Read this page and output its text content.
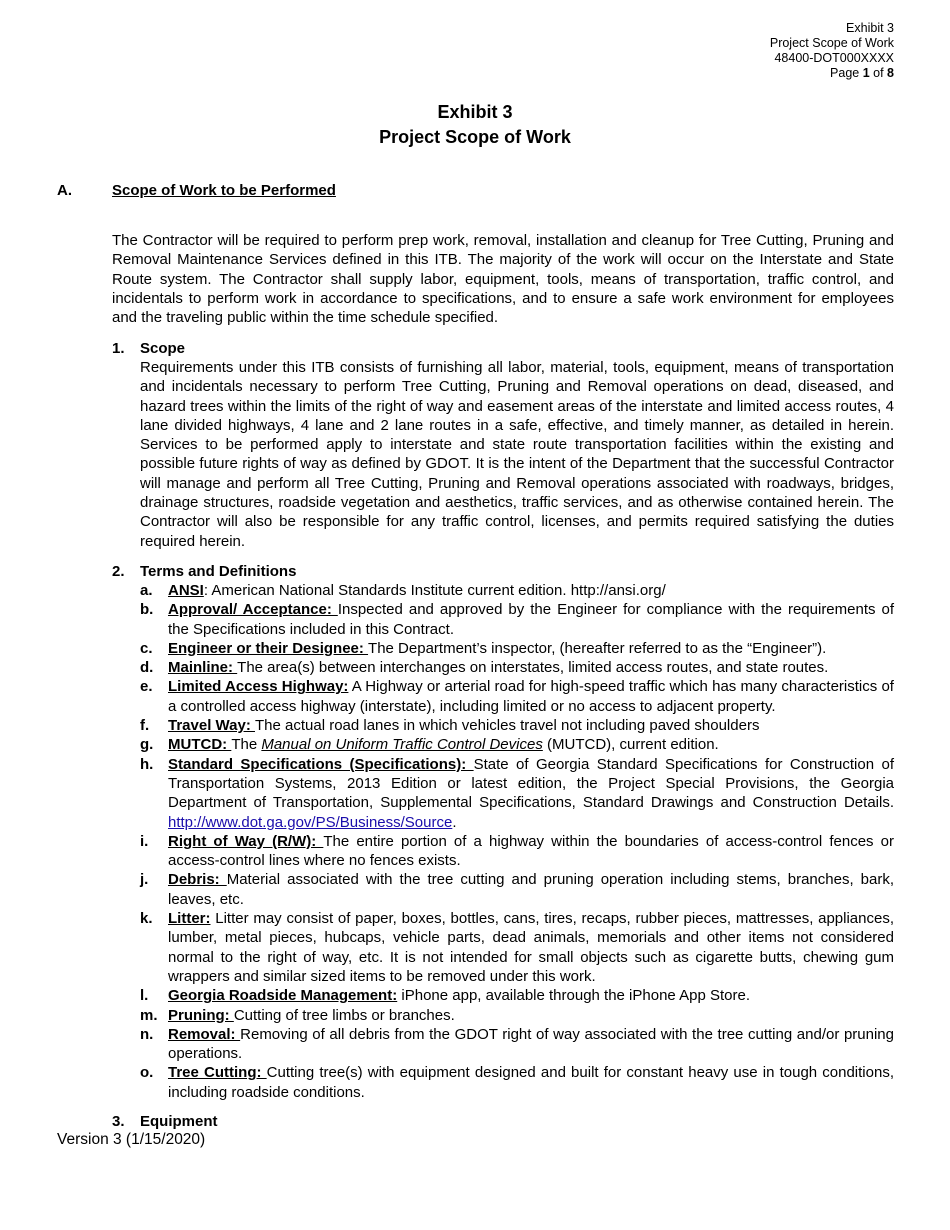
Exhibit 3
Project Scope of Work
48400-DOT000XXXX
Page 1 of 8
Exhibit 3
Project Scope of Work
A.	Scope of Work to be Performed
The Contractor will be required to perform prep work, removal, installation and cleanup for Tree Cutting, Pruning and Removal Maintenance Services defined in this ITB. The majority of the work will occur on the Interstate and State Route system. The Contractor shall supply labor, equipment, tools, means of transportation, traffic control, and incidentals to perform work in accordance to specifications, and to ensure a safe work environment for employees and the traveling public within the time schedule specified.
1. Scope
Requirements under this ITB consists of furnishing all labor, material, tools, equipment, means of transportation and incidentals necessary to perform Tree Cutting, Pruning and Removal operations on dead, diseased, and hazard trees within the limits of the right of way and easement areas of the interstate and limited access routes, 4 lane divided highways, 4 lane and 2 lane routes in a safe, effective, and timely manner, as detailed in herein. Services to be performed apply to interstate and state route transportation facilities within the existing and possible future rights of way as defined by GDOT. It is the intent of the Department that the successful Contractor will manage and perform all Tree Cutting, Pruning and Removal operations associated with roadways, bridges, drainage structures, roadside vegetation and aesthetics, traffic services, and as otherwise contained herein. The Contractor will also be responsible for any traffic control, licenses, and permits required satisfying the duties required herein.
2. Terms and Definitions
a. ANSI: American National Standards Institute current edition. http://ansi.org/
b. Approval/ Acceptance: Inspected and approved by the Engineer for compliance with the requirements of the Specifications included in this Contract.
c. Engineer or their Designee: The Department’s inspector, (hereafter referred to as the “Engineer”).
d. Mainline: The area(s) between interchanges on interstates, limited access routes, and state routes.
e. Limited Access Highway: A Highway or arterial road for high-speed traffic which has many characteristics of a controlled access highway (interstate), including limited or no access to adjacent property.
f. Travel Way: The actual road lanes in which vehicles travel not including paved shoulders
g. MUTCD: The Manual on Uniform Traffic Control Devices (MUTCD), current edition.
h. Standard Specifications (Specifications): State of Georgia Standard Specifications for Construction of Transportation Systems, 2013 Edition or latest edition, the Project Special Provisions, the Georgia Department of Transportation, Supplemental Specifications, Standard Drawings and Construction Details. http://www.dot.ga.gov/PS/Business/Source.
i. Right of Way (R/W): The entire portion of a highway within the boundaries of access-control fences or access-control lines where no fences exists.
j. Debris: Material associated with the tree cutting and pruning operation including stems, branches, bark, leaves, etc.
k. Litter: Litter may consist of paper, boxes, bottles, cans, tires, recaps, rubber pieces, mattresses, appliances, lumber, metal pieces, hubcaps, vehicle parts, dead animals, memorials and other items not considered normal to the right of way, etc. It is not intended for small objects such as cigarette butts, chewing gum wrappers and similar sized items to be removed under this work.
l. Georgia Roadside Management: iPhone app, available through the iPhone App Store.
m. Pruning: Cutting of tree limbs or branches.
n. Removal: Removing of all debris from the GDOT right of way associated with the tree cutting and/or pruning operations.
o. Tree Cutting: Cutting tree(s) with equipment designed and built for constant heavy use in tough conditions, including roadside conditions.
3. Equipment
Version 3 (1/15/2020)
